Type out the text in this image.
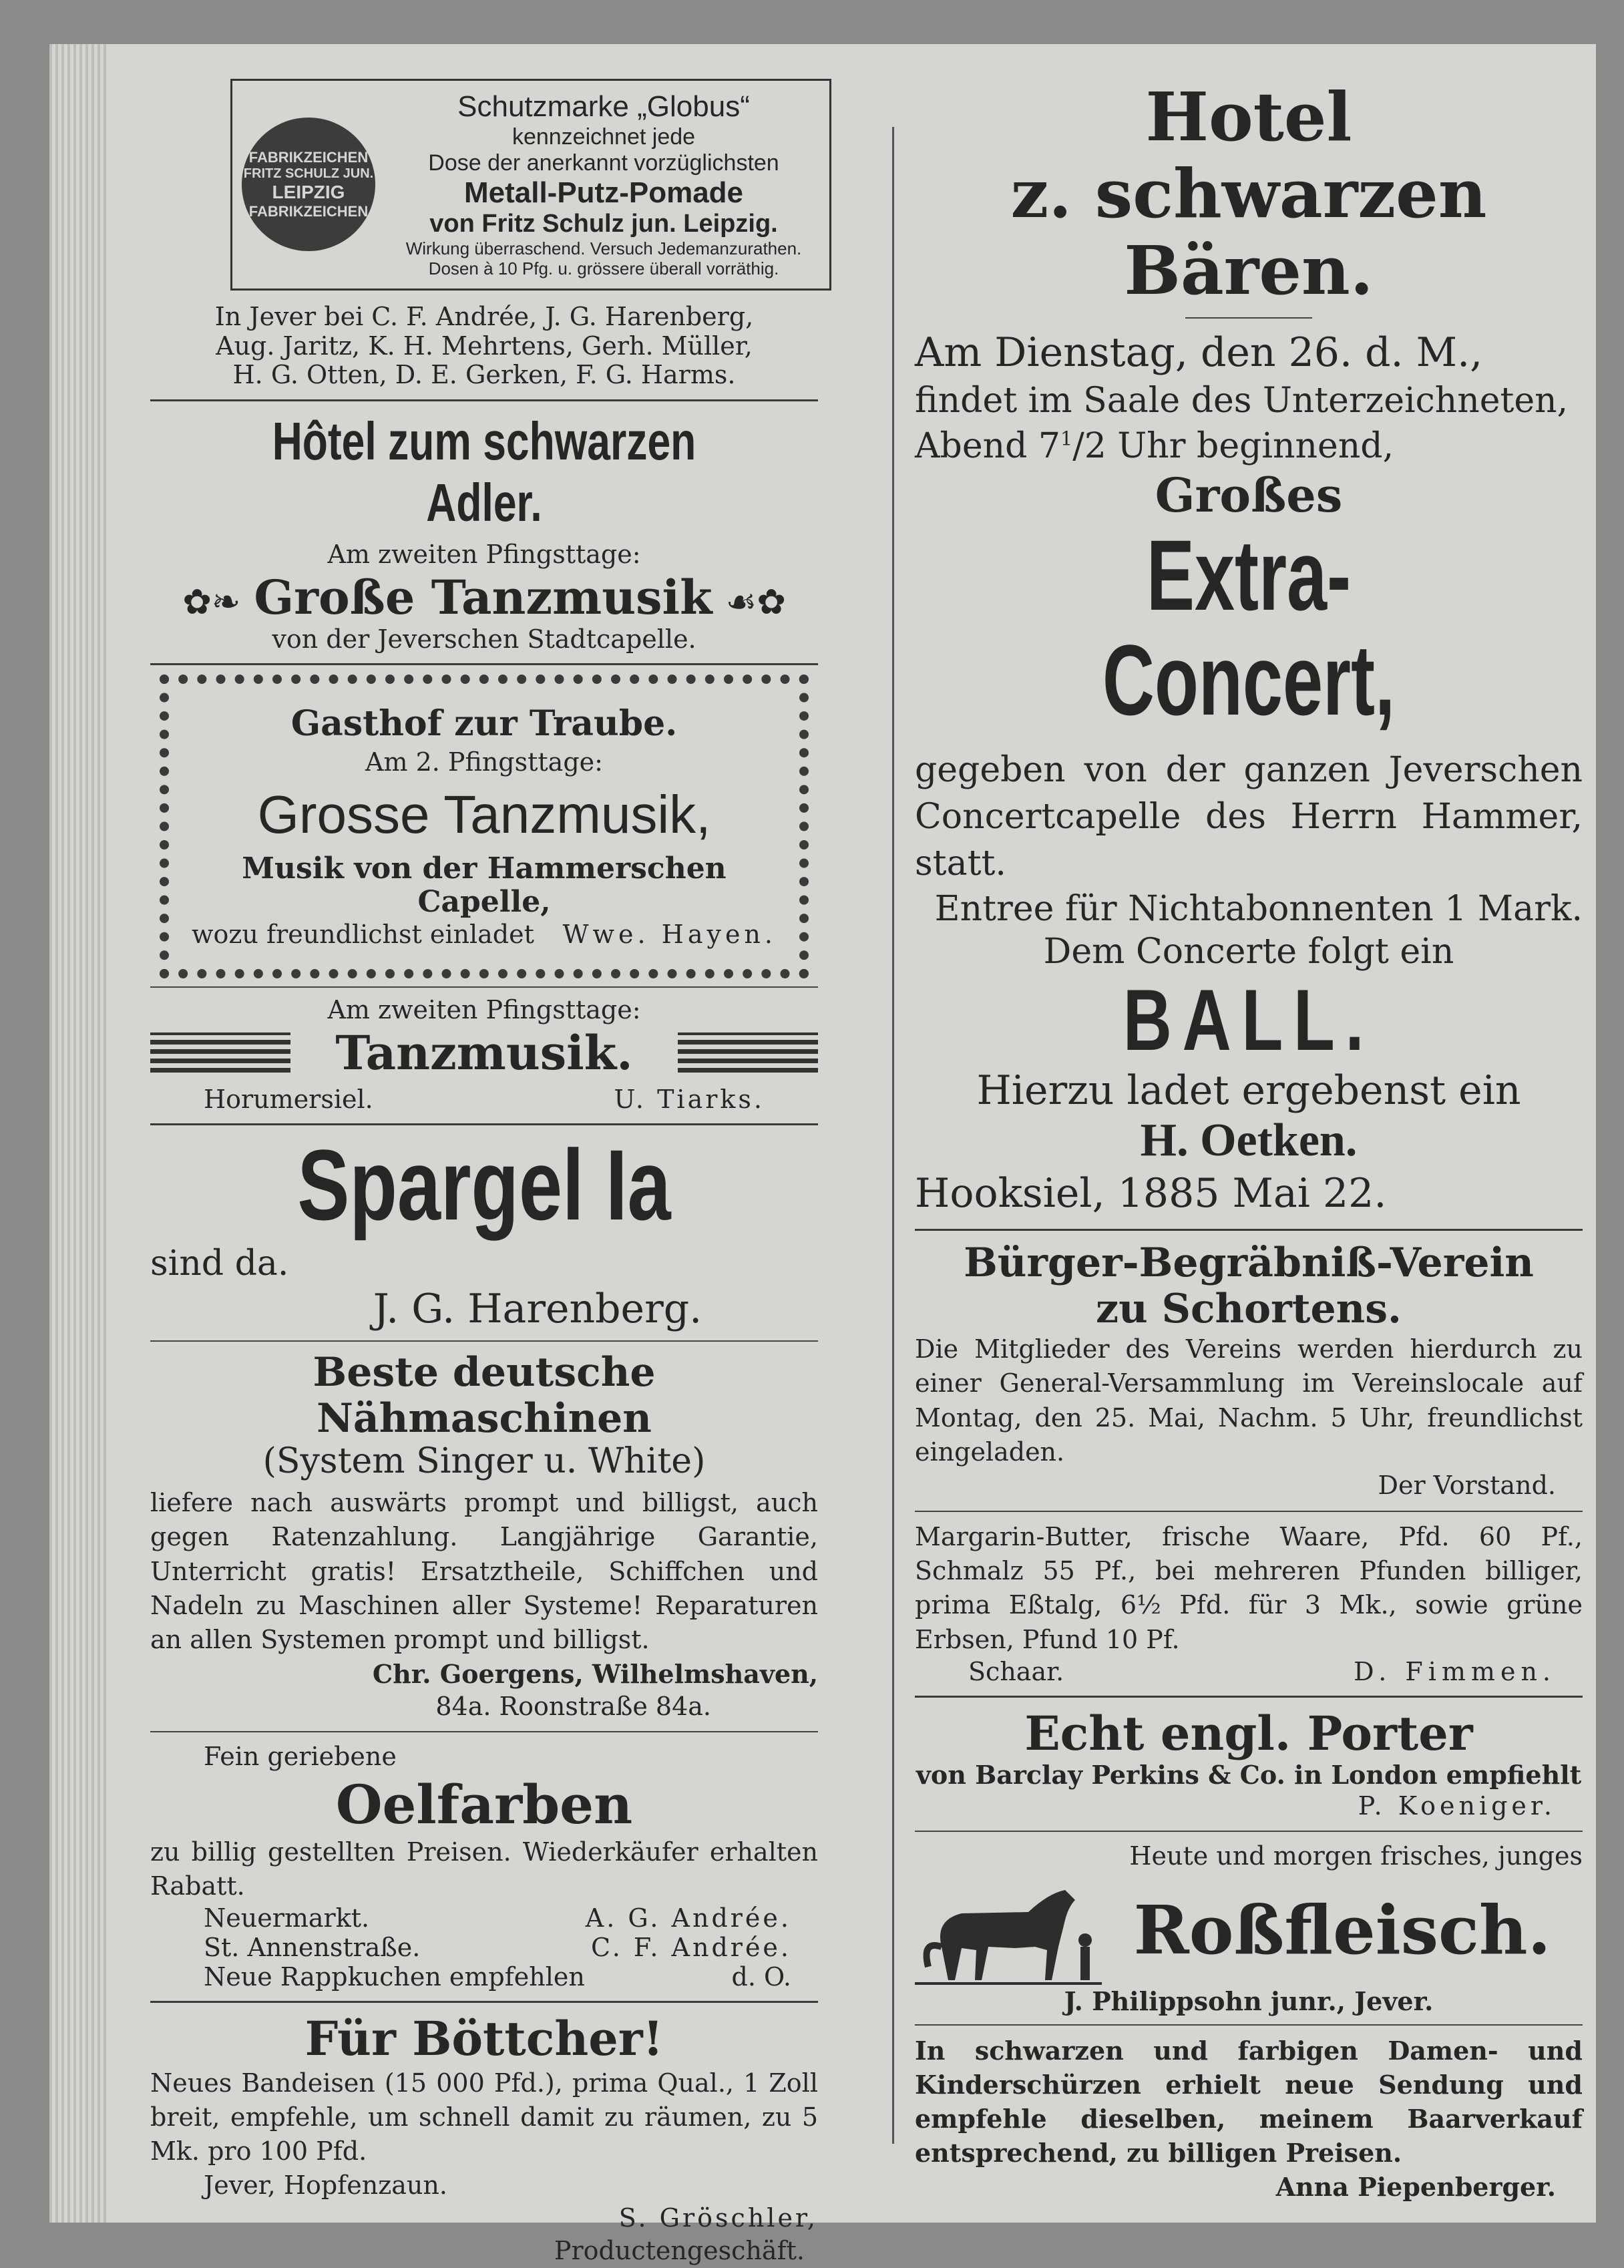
FABRIKZEICHEN
FRITZ SCHULZ JUN.
LEIPZIG
FABRIKZEICHEN

Schutzmarke „Globus“

kennzeichnet jede

Dose der anerkannt vorzüglichsten

Metall-Putz-Pomade

von Fritz Schulz jun. Leipzig.

Wirkung überraschend. Versuch Jedemanzurathen.

Dosen à 10 Pfg. u. grössere überall vorräthig.

In Jever bei C. F. Andrée, J. G. Harenberg,

Aug. Jaritz, K. H. Mehrtens, Gerh. Müller,

H. G. Otten, D. E. Gerken, F. G. Harms.

Hôtel zum schwarzen Adler.

Am zweiten Pfingsttage:

✿❧ Große Tanzmusik ☙✿

von der Jeverschen Stadtcapelle.

Gasthof zur Traube.

Am 2. Pfingsttage:

Grosse Tanzmusik,

Musik von der Hammerschen Capelle,

wozu freundlichst einladet Wwe. Hayen.

Am zweiten Pfingsttage:

Tanzmusik.
Horumersiel.	U. Tiarks.

Spargel Ia

sind da.

J. G. Harenberg.

Beste deutsche Nähmaschinen

(System Singer u. White)

liefere nach auswärts prompt und billigst, auch gegen Ratenzahlung. Langjährige Garantie, Unterricht gratis! Ersatztheile, Schiffchen und Nadeln zu Maschinen aller Systeme! Reparaturen an allen Systemen prompt und billigst.

Chr. Goergens, Wilhelmshaven,

84a. Roonstraße 84a.

Fein geriebene

Oelfarben

zu billig gestellten Preisen. Wiederkäufer erhalten Rabatt.

Neuermarkt.	A. G. Andrée.
St. Annenstraße.	C. F. Andrée.
Neue Rappkuchen empfehlen	d. O.

Für Böttcher!

Neues Bandeisen (15 000 Pfd.), prima Qual., 1 Zoll breit, empfehle, um schnell damit zu räumen, zu 5 Mk. pro 100 Pfd.

Jever, Hopfenzaun.

S. Gröschler,

Productengeschäft.

Hotel

z. schwarzen Bären.

Am Dienstag, den 26. d. M.,

findet im Saale des Unterzeichneten,

Abend $7^1/2$ Uhr beginnend,

Großes

Extra-Concert,

gegeben von der ganzen Jeverschen Concertcapelle des Herrn Hammer, statt.

Entree für Nichtabonnenten 1 Mark.

Dem Concerte folgt ein

BALL.

Hierzu ladet ergebenst ein

H. Oetken.

Hooksiel, 1885 Mai 22.

Bürger-Begräbniß-Verein

zu Schortens.

Die Mitglieder des Vereins werden hierdurch zu einer General-Versammlung im Vereinslocale auf Montag, den 25. Mai, Nachm. 5 Uhr, freundlichst eingeladen.

Der Vorstand.

Margarin-Butter, frische Waare, Pfd. 60 Pf., Schmalz 55 Pf., bei mehreren Pfunden billiger, prima Eßtalg, 6½ Pfd. für 3 Mk., sowie grüne Erbsen, Pfund 10 Pf.

Schaar.	D. Fimmen.

Echt engl. Porter

von Barclay Perkins & Co. in London empfiehlt

P. Koeniger.

Heute und morgen frisches, junges

Roßfleisch.

J. Philippsohn junr., Jever.

In schwarzen und farbigen Damen- und Kinderschürzen erhielt neue Sendung und empfehle dieselben, meinem Baarverkauf entsprechend, zu billigen Preisen.

Anna Piepenberger.
